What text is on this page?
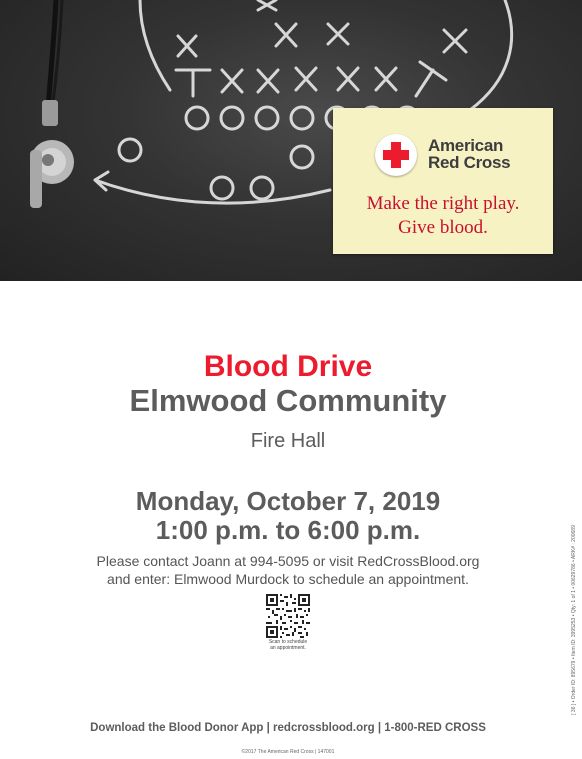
American
Red Cross
Make the right play.
Give blood.
Blood Drive
Elmwood Community
Fire Hall
Monday, October 7, 2019
1:00 p.m. to 6:00 p.m.
Please contact Joann at 994-5095 or visit RedCrossBlood.org
and enter: Elmwood Murdock to schedule an appointment.
Scan to schedule
an appointment.
Download the Blood Donor App | redcrossblood.org | 1-800-RED CROSS
©2017 The American Red Cross | 147001
[ 36 ] • Order ID: 895679 • Item ID: 3995253 • Qty: 1 of 1 • 00629786 • ARK# : 200689
